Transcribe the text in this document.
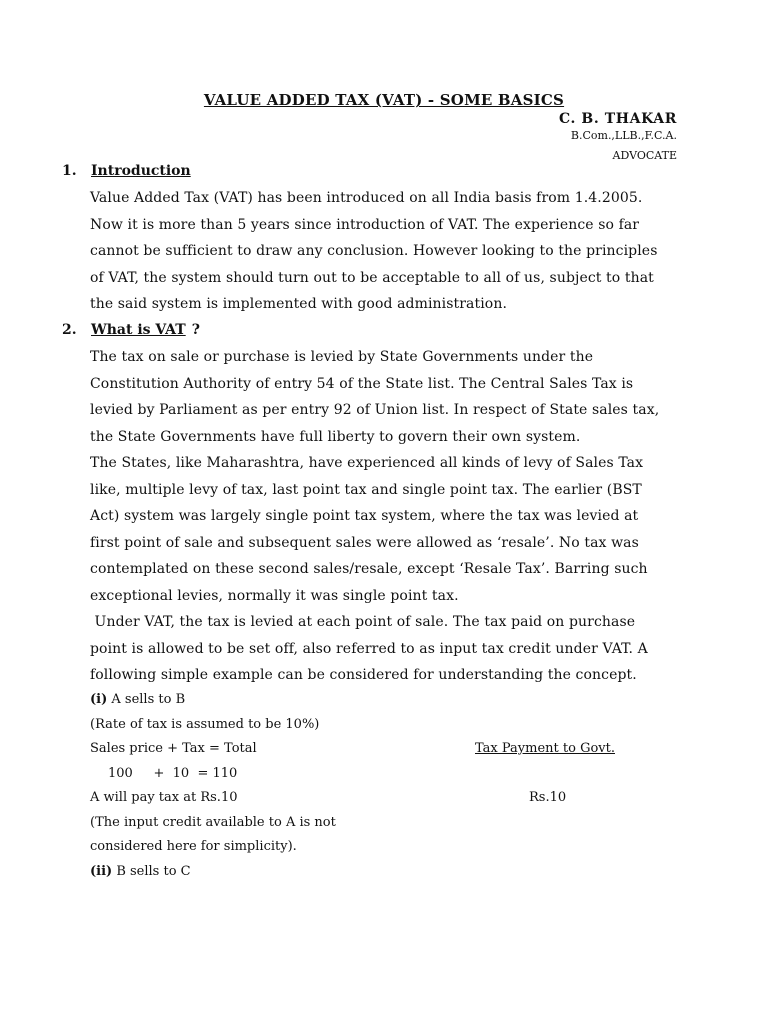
VALUE ADDED TAX (VAT) - SOME BASICS
C. B. THAKAR
B.Com.,LLB.,F.C.A.
ADVOCATE
1. Introduction
Value Added Tax (VAT) has been introduced on all India basis from 1.4.2005.
Now it is more than 5 years since introduction of VAT. The experience so far
cannot be sufficient to draw any conclusion. However looking to the principles
of VAT, the system should turn out to be acceptable to all of us, subject to that
the said system is implemented with good administration.
2. What is VAT ?
The tax on sale or purchase is levied by State Governments under the
Constitution Authority of entry 54 of the State list. The Central Sales Tax is
levied by Parliament as per entry 92 of Union list. In respect of State sales tax,
the State Governments have full liberty to govern their own system.
The States, like Maharashtra, have experienced all kinds of levy of Sales Tax
like, multiple levy of tax, last point tax and single point tax. The earlier (BST
Act) system was largely single point tax system, where the tax was levied at
first point of sale and subsequent sales were allowed as ‘resale’. No tax was
contemplated on these second sales/resale, except ‘Resale Tax’. Barring such
exceptional levies, normally it was single point tax.
Under VAT, the tax is levied at each point of sale. The tax paid on purchase
point is allowed to be set off, also referred to as input tax credit under VAT. A
following simple example can be considered for understanding the concept.
(i) A sells to B
(Rate of tax is assumed to be 10%)
Sales price + Tax = Total	Tax Payment to Govt.
100     +  10  = 110
A will pay tax at Rs.10	Rs.10
(The input credit available to A is not
considered here for simplicity).
(ii) B sells to C
